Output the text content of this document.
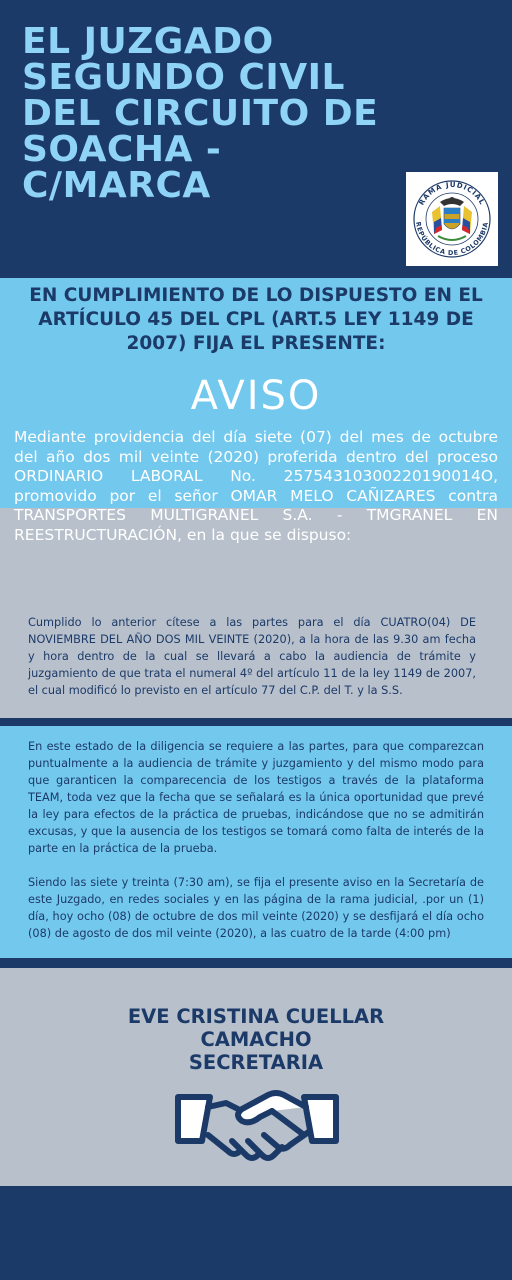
EL JUZGADO
SEGUNDO CIVIL
DEL CIRCUITO DE
SOACHA -
C/MARCA	RAMA JUDICIAL
REPÚBLICA DE COLOMBIA
EN CUMPLIMIENTO DE LO DISPUESTO EN EL ARTÍCULO 45 DEL CPL (ART.5 LEY 1149 DE 2007) FIJA EL PRESENTE:
AVISO

Mediante providencia del día siete (07) del mes de octubre del año dos mil veinte (2020) proferida dentro del proceso ORDINARIO LABORAL No. 25754310300220190014O, promovido por el señor OMAR MELO CAÑIZARES contra TRANSPORTES MULTIGRANEL S.A. - TMGRANEL EN REESTRUCTURACIÓN, en la que se dispuso:

Cumplido lo anterior cítese a las partes para el día CUATRO(04) DE NOVIEMBRE DEL AÑO DOS MIL VEINTE (2020), a la hora de las 9.30 am fecha y hora dentro de la cual se llevará a cabo la audiencia de trámite y juzgamiento de que trata el numeral 4º del artículo 11 de la ley 1149 de 2007, el cual modificó lo previsto en el artículo 77 del C.P. del T. y la S.S.

En este estado de la diligencia se requiere a las partes, para que comparezcan puntualmente a la audiencia de trámite y juzgamiento y del mismo modo para que garanticen la comparecencia de los testigos a través de la plataforma TEAM, toda vez que la fecha que se señalará es la única oportunidad que prevé la ley para efectos de la práctica de pruebas, indicándose que no se admitirán excusas, y que la ausencia de los testigos se tomará como falta de interés de la parte en la práctica de la prueba.

Siendo las siete y treinta (7:30 am), se fija el presente aviso en la Secretaría de este Juzgado, en redes sociales y en las página de la rama judicial, .por un (1) día, hoy ocho (08) de octubre de dos mil veinte (2020) y se desfijará el día ocho (08) de agosto de dos mil veinte (2020), a las cuatro de la tarde (4:00 pm)

EVE CRISTINA CUELLAR
CAMACHO
SECRETARIA
